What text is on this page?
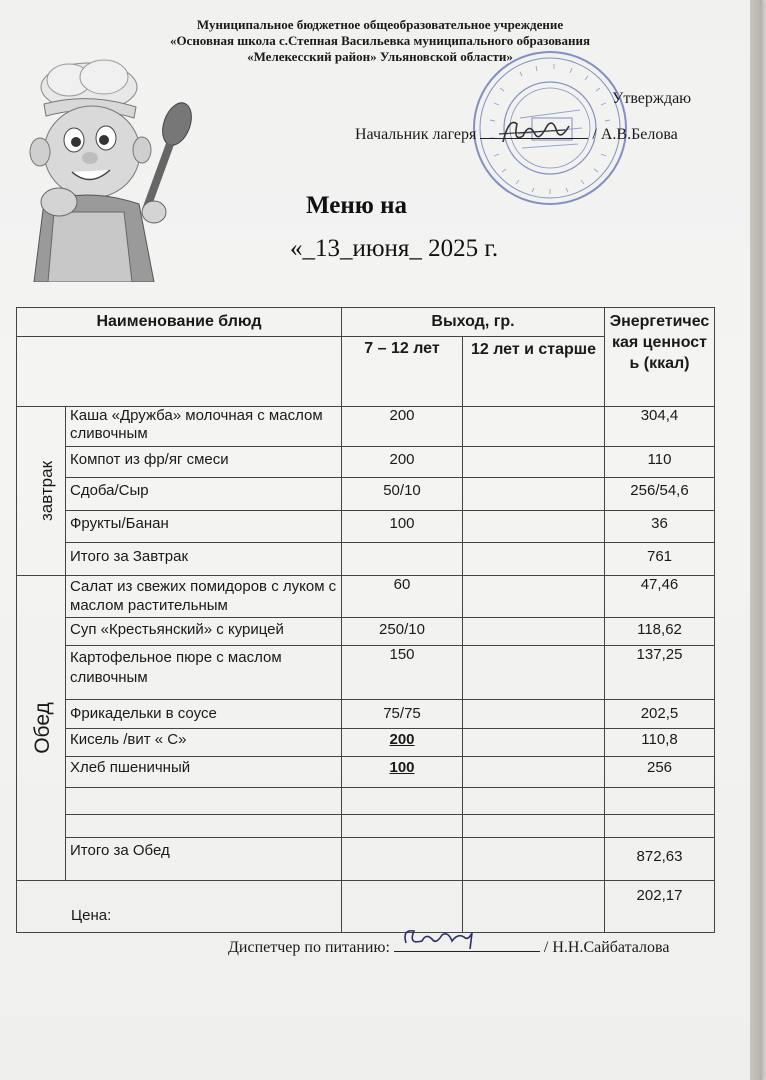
Муниципальное бюджетное общеобразовательное учреждение
«Основная школа с.Степная Васильевка муниципального образования
«Мелекесский район» Ульяновской области»
Утверждаю
Начальник лагеря	/ А.В.Белова
Меню на
«_13_июня_ 2025 г.
Наименование блюд		Выход, гр.		Энергетическая ценность (ккал)
		7 – 12 лет	12 лет и старше	
завтрак	Каша «Дружба» молочная с маслом сливочным	200		304,4
	Компот из фр/яг смеси	200		110
	Сдоба/Сыр	50/10		256/54,6
	Фрукты/Банан	100		36
	Итого за Завтрак			761
Обед	Салат из свежих помидоров с луком с маслом растительным	60		47,46
	Суп «Крестьянский» с курицей	250/10		118,62
	Картофельное пюре с маслом сливочным	150		137,25
	Фрикадельки в соусе	75/75		202,5
	Кисель /вит « С»	200		110,8
	Хлеб пшеничный	100		256

	Итого за Обед			872,63
Цена:				202,17
Диспетчер по питанию:	/ Н.Н.Сайбаталова
